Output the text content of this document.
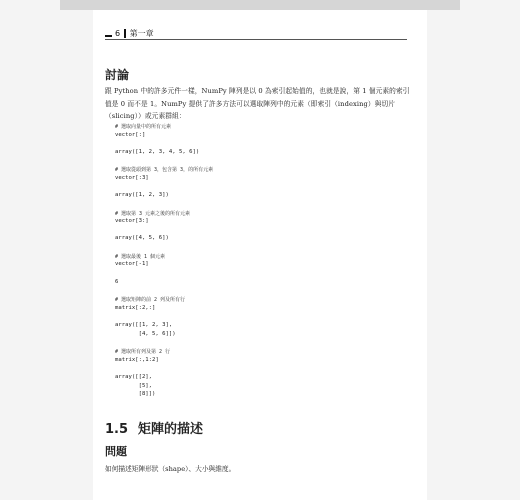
6 第一章
討論

跟 Python 中的許多元件一樣，NumPy 陣列是以 0 為索引起始值的，也就是說，第 1 個元素的索引值是 0 而不是 1。NumPy 提供了許多方法可以選取陣列中的元素（即索引（indexing）與切片（slicing））或元素群組：

# 選取向量中的所有元素
vector[:]
array([1, 2, 3, 4, 5, 6])
# 選取從頭到第 3，包含第 3，的所有元素
vector[:3]
array([1, 2, 3])
# 選取第 3 元素之後的所有元素
vector[3:]
array([4, 5, 6])
# 選取最後 1 個元素
vector[-1]
6
# 選取矩陣的前 2 列及所有行
matrix[:2,:]
array([[1, 2, 3],
[4, 5, 6]])
# 選取所有列及第 2 行
matrix[:,1:2]
array([[2],
[5],
[8]])
1.5 矩陣的描述
問題

如何描述矩陣形狀（shape）、大小與維度。
